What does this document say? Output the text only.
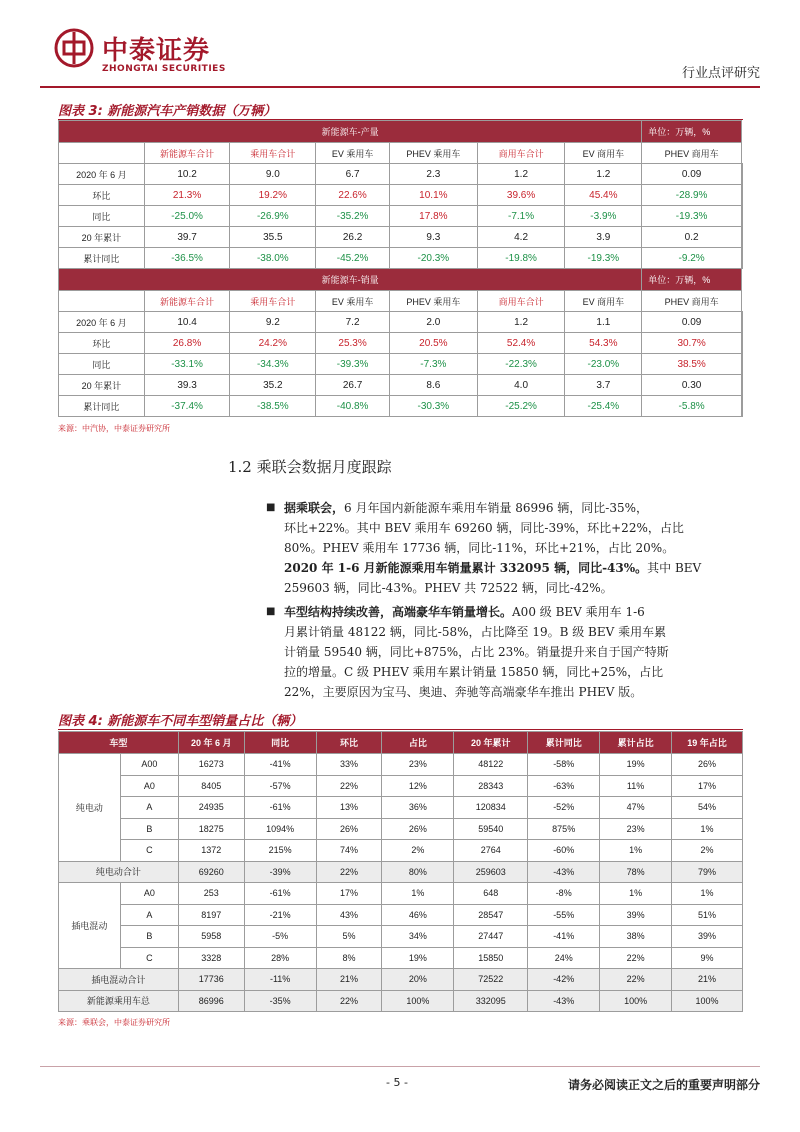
中泰证券
ZHONGTAI SECURITIES	行业点评研究
图表 3: 新能源汽车产销数据（万辆）
新能源车-产量							单位：万辆，%	
	新能源车合计	乘用车合计	EV 乘用车	PHEV 乘用车	商用车合计	EV 商用车	PHEV 商用车	
2020 年 6 月	10.2	9.0	6.7	2.3	1.2	1.2	0.09	
环比	21.3%	19.2%	22.6%	10.1%	39.6%	45.4%	-28.9%	
同比	-25.0%	-26.9%	-35.2%	17.8%	-7.1%	-3.9%	-19.3%	
20 年累计	39.7	35.5	26.2	9.3	4.2	3.9	0.2	
累计同比	-36.5%	-38.0%	-45.2%	-20.3%	-19.8%	-19.3%	-9.2%	
新能源车-销量							单位：万辆，%	
	新能源车合计	乘用车合计	EV 乘用车	PHEV 乘用车	商用车合计	EV 商用车	PHEV 商用车	
2020 年 6 月	10.4	9.2	7.2	2.0	1.2	1.1	0.09	
环比	26.8%	24.2%	25.3%	20.5%	52.4%	54.3%	30.7%	
同比	-33.1%	-34.3%	-39.3%	-7.3%	-22.3%	-23.0%	38.5%	
20 年累计	39.3	35.2	26.7	8.6	4.0	3.7	0.30	
累计同比	-37.4%	-38.5%	-40.8%	-30.3%	-25.2%	-25.4%	-5.8%	
来源：中汽协，中泰证券研究所
1.2 乘联会数据月度跟踪
■ 据乘联会，6 月年国内新能源车乘用车销量 86996 辆，同比-35%，
环比+22%。其中 BEV 乘用车 69260 辆，同比-39%，环比+22%，占比
80%。PHEV 乘用车 17736 辆，同比-11%，环比+21%，占比 20%。
2020 年 1-6 月新能源乘用车销量累计 332095 辆，同比-43%。其中 BEV
259603 辆，同比-43%。PHEV 共 72522 辆，同比-42%。
■ 车型结构持续改善，高端豪华车销量增长。A00 级 BEV 乘用车 1-6
月累计销量 48122 辆，同比-58%，占比降至 19。B 级 BEV 乘用车累
计销量 59540 辆，同比+875%，占比 23%。销量提升来自于国产特斯
拉的增量。C 级 PHEV 乘用车累计销量 15850 辆，同比+25%，占比
22%，主要原因为宝马、奥迪、奔驰等高端豪华车推出 PHEV 版。
图表 4: 新能源车不同车型销量占比（辆）
车型		20 年 6 月	同比	环比	占比	20 年累计	累计同比	累计占比	19 年占比
纯电动	A00	16273	-41%	33%	23%	48122	-58%	19%	26%
	A0	8405	-57%	22%	12%	28343	-63%	11%	17%
	A	24935	-61%	13%	36%	120834	-52%	47%	54%
	B	18275	1094%	26%	26%	59540	875%	23%	1%
	C	1372	215%	74%	2%	2764	-60%	1%	2%
纯电动合计		69260	-39%	22%	80%	259603	-43%	78%	79%
插电混动	A0	253	-61%	17%	1%	648	-8%	1%	1%
	A	8197	-21%	43%	46%	28547	-55%	39%	51%
	B	5958	-5%	5%	34%	27447	-41%	38%	39%
	C	3328	28%	8%	19%	15850	24%	22%	9%
插电混动合计		17736	-11%	21%	20%	72522	-42%	22%	21%
新能源乘用车总		86996	-35%	22%	100%	332095	-43%	100%	100%
来源：乘联会，中泰证券研究所
- 5 -	请务必阅读正文之后的重要声明部分
